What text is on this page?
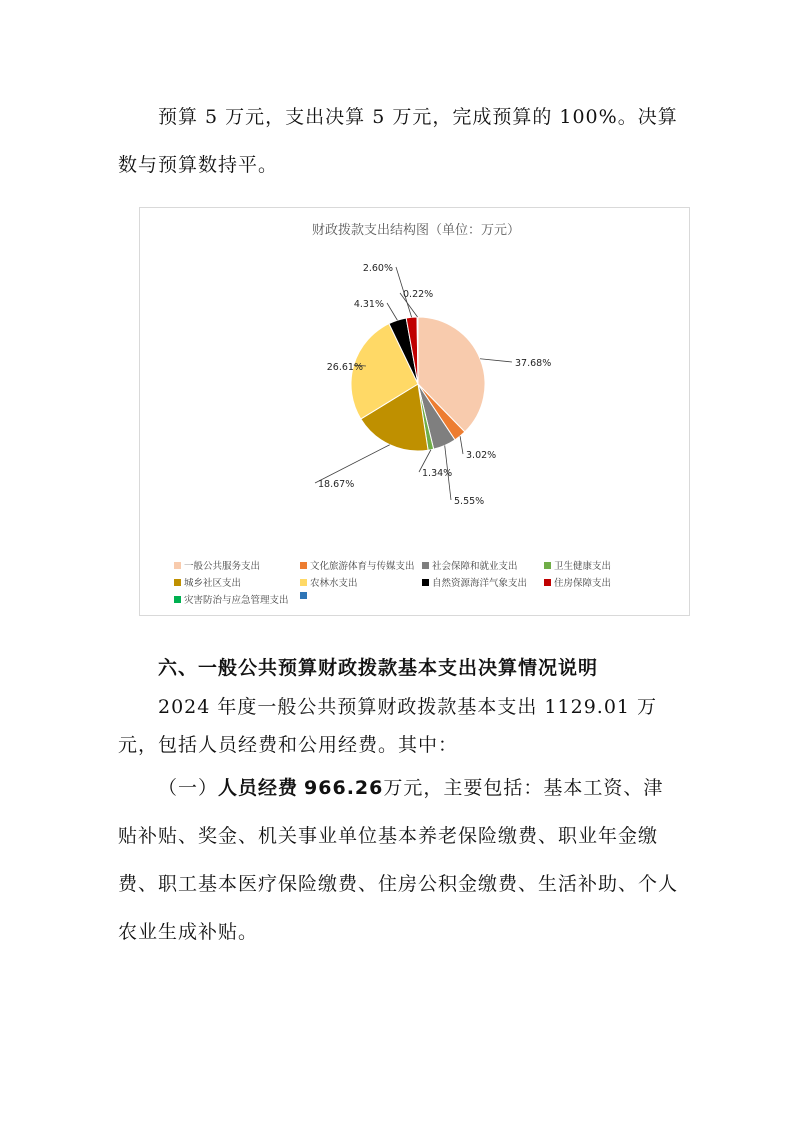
预算 5 万元，支出决算 5 万元，完成预算的 100%。决算数与预算数持平。

财政拨款支出结构图（单位：万元）
37.68%
3.02%
5.55%
1.34%
18.67%
26.61%
4.31%
2.60%
0.22%
一般公共服务支出	文化旅游体育与传媒支出 社会保障和就业支出	卫生健康支出
城乡社区支出	农林水支出	自然资源海洋气象支出	住房保障支出
灾害防治与应急管理支出

六、一般公共预算财政拨款基本支出决算情况说明

2024 年度一般公共预算财政拨款基本支出 1129.01 万元，包括人员经费和公用经费。其中：

（一）人员经费 966.26万元，主要包括：基本工资、津贴补贴、奖金、机关事业单位基本养老保险缴费、职业年金缴费、职工基本医疗保险缴费、住房公积金缴费、生活补助、个人农业生成补贴。
